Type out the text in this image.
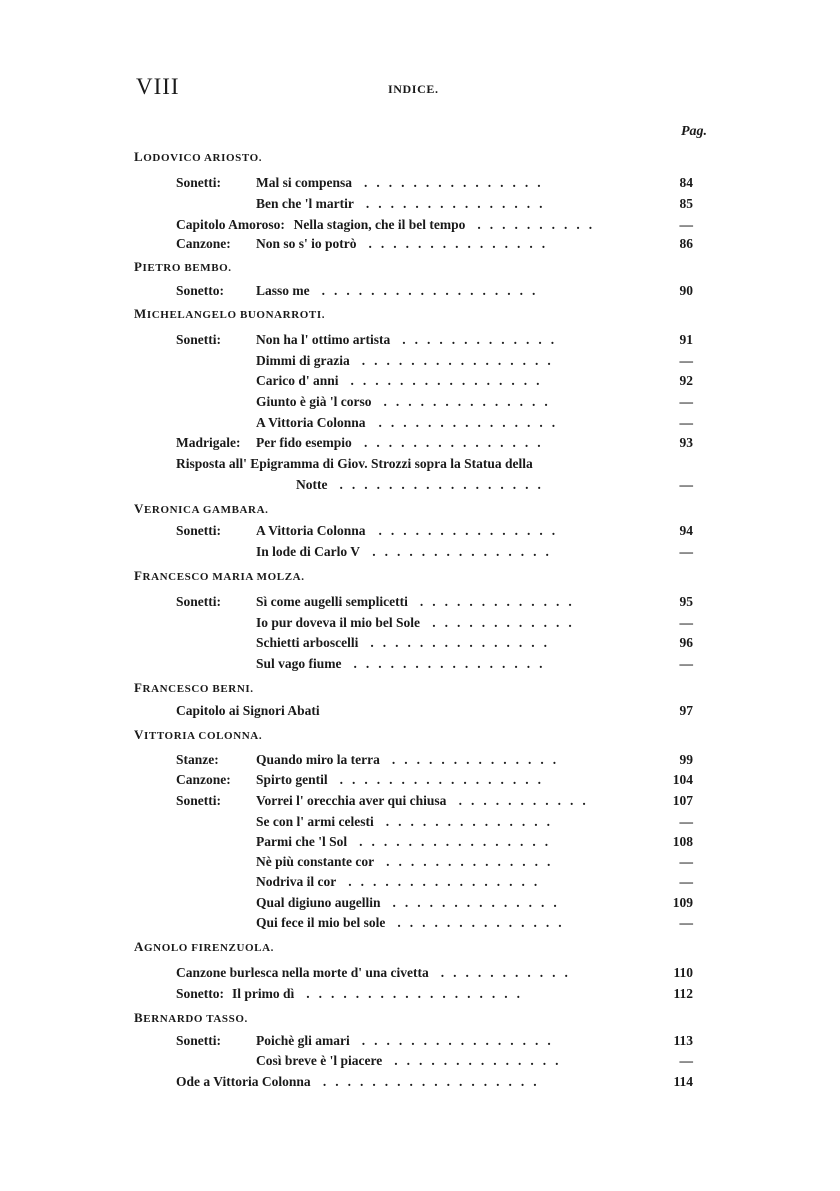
VIII	INDICE.
Pag.
LODOVICO ARIOSTO.
Sonetti:	Mal si compensa ...............	84
Ben che 'l martir ...............	85
Capitolo Amoroso: Nella stagion, che il bel tempo ..........	—
Canzone: Non so s' io potrò ...............	86
PIETRO BEMBO.
Sonetto: Lasso me ..................	90
MICHELANGELO BUONARROTI.
Sonetti:	Non ha l' ottimo artista .............	91
Dimmi di grazia ................	—
Carico d' anni ................	92
Giunto è già 'l corso ..............	—
A Vittoria Colonna ...............	—
Madrigale: Per fido esempio ...............	93
Risposta all' Epigramma di Giov. Strozzi sopra la Statua della
Notte .................	—
VERONICA GAMBARA.
Sonetti:	A Vittoria Colonna ...............	94
In lode di Carlo V ...............	—
FRANCESCO MARIA MOLZA.
Sonetti:	Sì come augelli semplicetti .............	95
Io pur doveva il mio bel Sole ............	—
Schietti arboscelli ...............	96
Sul vago fiume ................	—
FRANCESCO BERNI.
Capitolo ai Signori Abati	97
VITTORIA COLONNA.
Stanze:	Quando miro la terra ..............	99
Canzone: Spirto gentil .................	104
Sonetti:	Vorrei l' orecchia aver qui chiusa ...........	107
Se con l' armi celesti ..............	—
Parmi che 'l Sol ................	108
Nè più constante cor ..............	—
Nodriva il cor ................	—
Qual digiuno augellin ..............	109
Qui fece il mio bel sole ..............	—
AGNOLO FIRENZUOLA.
Canzone burlesca nella morte d' una civetta ...........	110
Sonetto: Il primo dì ..................	112
BERNARDO TASSO.
Sonetti:	Poichè gli amari ................	113
Così breve è 'l piacere ..............	—
Ode a Vittoria Colonna ..................	114
